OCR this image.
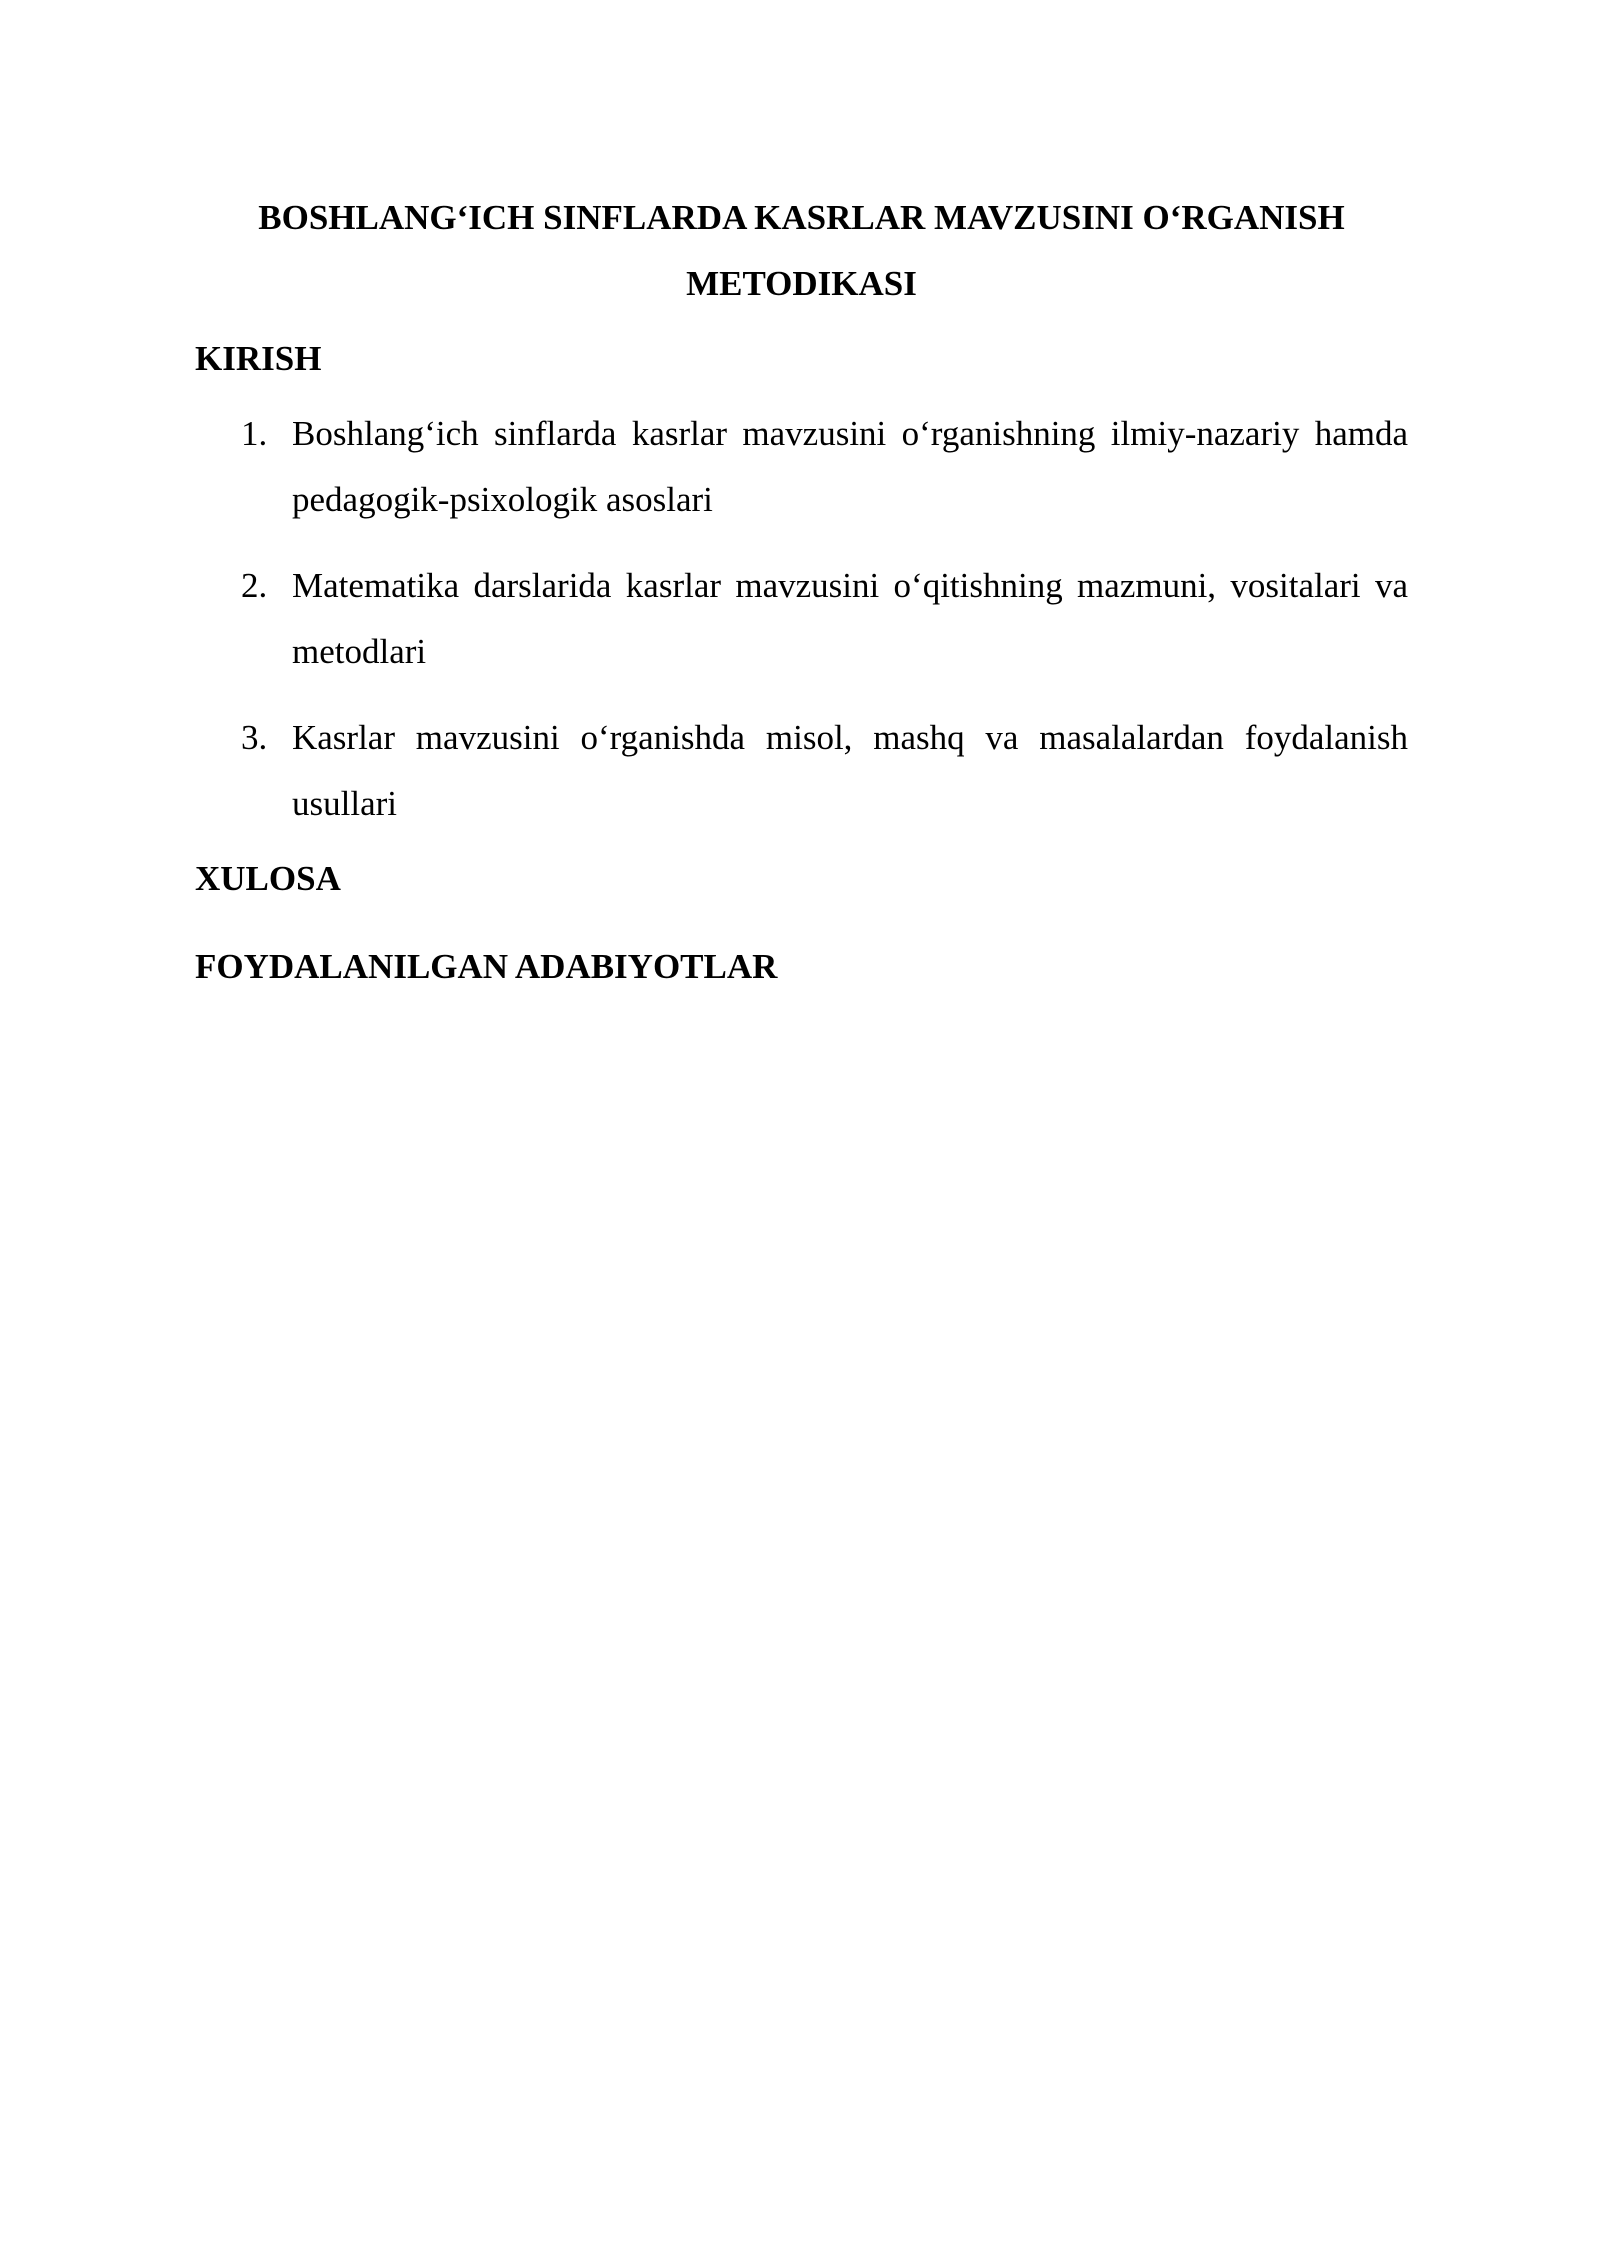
BOSHLANG‘ICH SINFLARDA KASRLAR MAVZUSINI O‘RGANISH
METODIKASI
KIRISH
1. Boshlang‘ich sinflarda kasrlar mavzusini o‘rganishning ilmiy-nazariy hamda pedagogik-psixologik asoslari
2. Matematika darslarida kasrlar mavzusini o‘qitishning mazmuni, vositalari va metodlari
3. Kasrlar mavzusini o‘rganishda misol, mashq va masalalardan foydalanish usullari
XULOSA
FOYDALANILGAN ADABIYOTLAR
